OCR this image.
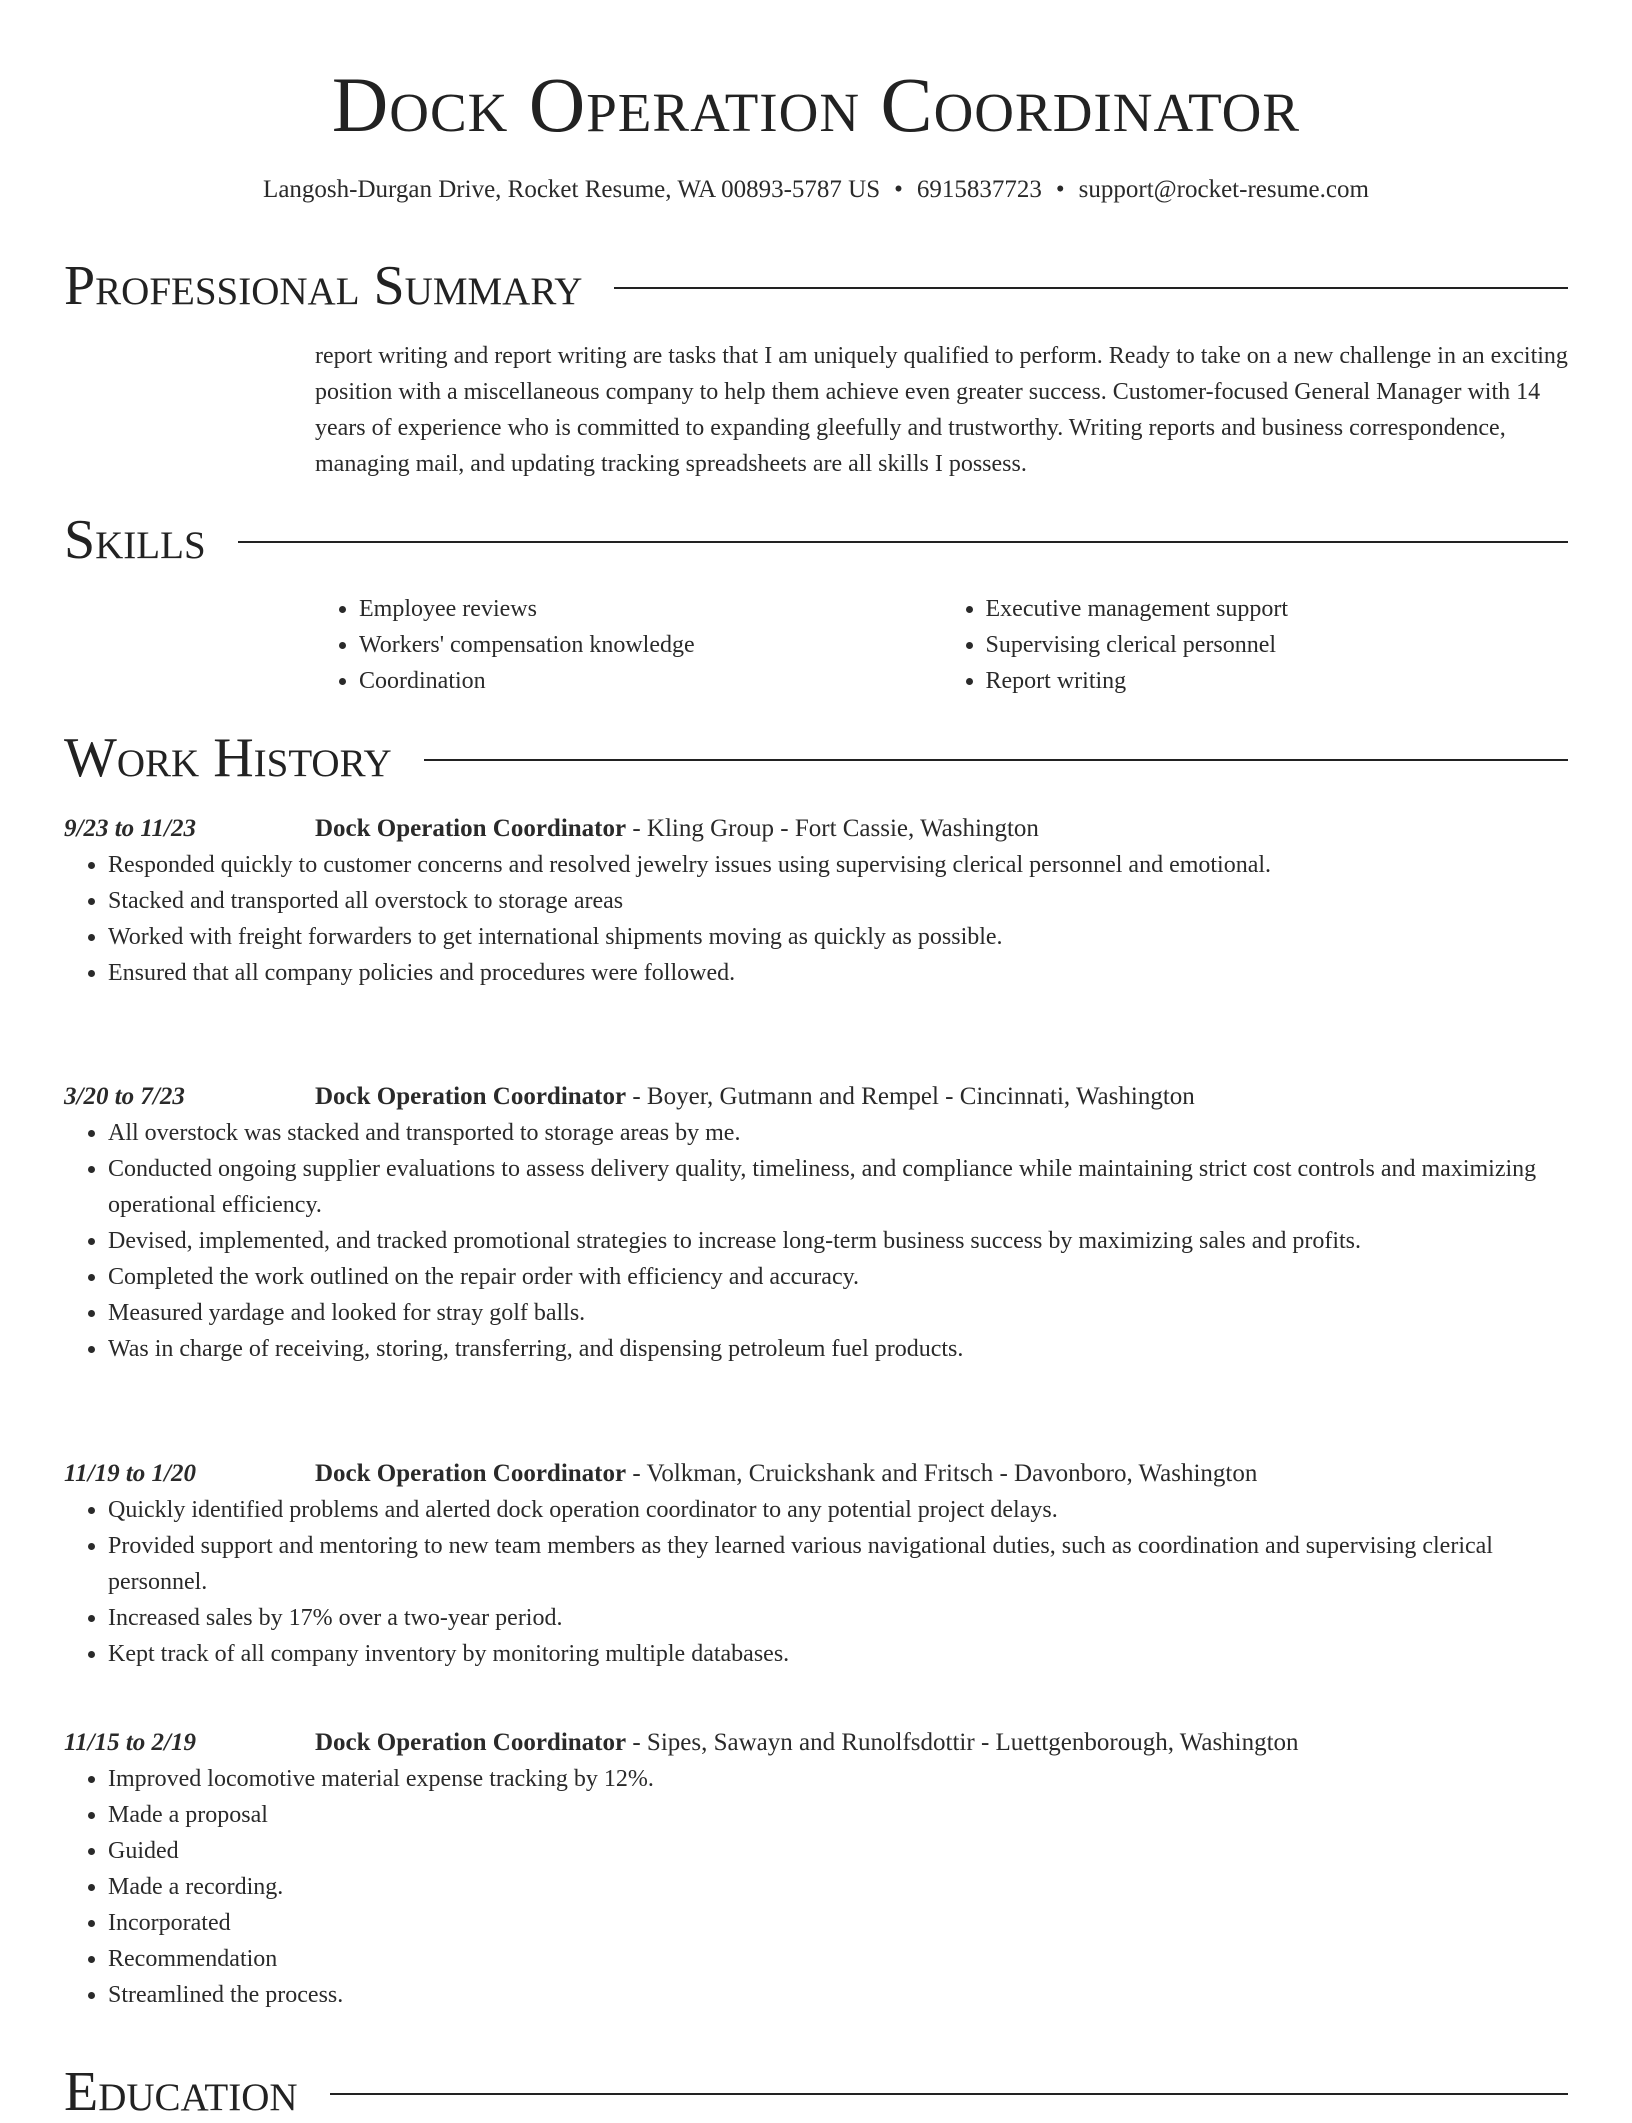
Dock Operation Coordinator
Langosh-Durgan Drive, Rocket Resume, WA 00893-5787 US • 6915837723 • support@rocket-resume.com
Professional Summary

report writing and report writing are tasks that I am uniquely qualified to perform. Ready to take on a new challenge in an exciting position with a miscellaneous company to help them achieve even greater success. Customer-focused General Manager with 14 years of experience who is committed to expanding gleefully and trustworthy. Writing reports and business correspondence, managing mail, and updating tracking spreadsheets are all skills I possess.

Skills
• Employee reviews
• Workers' compensation knowledge
• Coordination
• Executive management support
• Supervising clerical personnel
• Report writing
Work History
9/23 to 11/23	Dock Operation Coordinator - Kling Group - Fort Cassie, Washington
• Responded quickly to customer concerns and resolved jewelry issues using supervising clerical personnel and emotional.
• Stacked and transported all overstock to storage areas
• Worked with freight forwarders to get international shipments moving as quickly as possible.
• Ensured that all company policies and procedures were followed.
3/20 to 7/23	Dock Operation Coordinator - Boyer, Gutmann and Rempel - Cincinnati, Washington
• All overstock was stacked and transported to storage areas by me.
• Conducted ongoing supplier evaluations to assess delivery quality, timeliness, and compliance while maintaining strict cost controls and maximizing operational efficiency.
• Devised, implemented, and tracked promotional strategies to increase long-term business success by maximizing sales and profits.
• Completed the work outlined on the repair order with efficiency and accuracy.
• Measured yardage and looked for stray golf balls.
• Was in charge of receiving, storing, transferring, and dispensing petroleum fuel products.
11/19 to 1/20	Dock Operation Coordinator - Volkman, Cruickshank and Fritsch - Davonboro, Washington
• Quickly identified problems and alerted dock operation coordinator to any potential project delays.
• Provided support and mentoring to new team members as they learned various navigational duties, such as coordination and supervising clerical personnel.
• Increased sales by 17% over a two-year period.
• Kept track of all company inventory by monitoring multiple databases.
11/15 to 2/19	Dock Operation Coordinator - Sipes, Sawayn and Runolfsdottir - Luettgenborough, Washington
• Improved locomotive material expense tracking by 12%.
• Made a proposal
• Guided
• Made a recording.
• Incorporated
• Recommendation
• Streamlined the process.
Education
